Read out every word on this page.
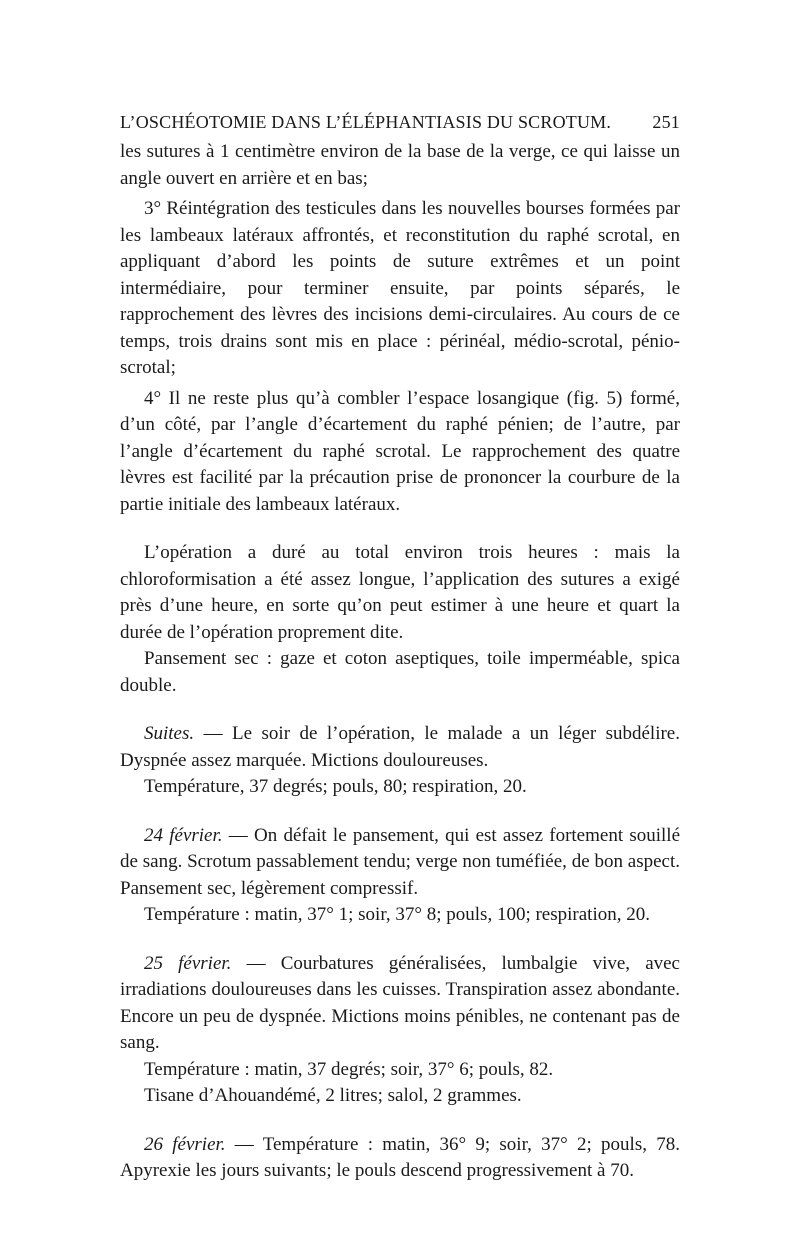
L’OSCHÉOTOMIE DANS L’ÉLÉPHANTIASIS DU SCROTUM. 251

les sutures à 1 centimètre environ de la base de la verge, ce qui laisse un angle ouvert en arrière et en bas;

3° Réintégration des testicules dans les nouvelles bourses formées par les lambeaux latéraux affrontés, et reconstitution du raphé scrotal, en appliquant d’abord les points de suture extrêmes et un point intermédiaire, pour terminer ensuite, par points séparés, le rapprochement des lèvres des incisions demi-circulaires. Au cours de ce temps, trois drains sont mis en place : périnéal, médio-scrotal, pénio-scrotal;

4° Il ne reste plus qu’à combler l’espace losangique (fig. 5) formé, d’un côté, par l’angle d’écartement du raphé pénien; de l’autre, par l’angle d’écartement du raphé scrotal. Le rapprochement des quatre lèvres est facilité par la précaution prise de prononcer la courbure de la partie initiale des lambeaux latéraux.

L’opération a duré au total environ trois heures : mais la chloroformisation a été assez longue, l’application des sutures a exigé près d’une heure, en sorte qu’on peut estimer à une heure et quart la durée de l’opération proprement dite.

Pansement sec : gaze et coton aseptiques, toile imperméable, spica double.

Suites. — Le soir de l’opération, le malade a un léger subdélire. Dyspnée assez marquée. Mictions douloureuses.

Température, 37 degrés; pouls, 80; respiration, 20.

24 février. — On défait le pansement, qui est assez fortement souillé de sang. Scrotum passablement tendu; verge non tuméfiée, de bon aspect. Pansement sec, légèrement compressif.

Température : matin, 37° 1; soir, 37° 8; pouls, 100; respiration, 20.

25 février. — Courbatures généralisées, lumbalgie vive, avec irradiations douloureuses dans les cuisses. Transpiration assez abondante. Encore un peu de dyspnée. Mictions moins pénibles, ne contenant pas de sang.

Température : matin, 37 degrés; soir, 37° 6; pouls, 82.

Tisane d’Ahouandémé, 2 litres; salol, 2 grammes.

26 février. — Température : matin, 36° 9; soir, 37° 2; pouls, 78. Apyrexie les jours suivants; le pouls descend progressivement à 70.
